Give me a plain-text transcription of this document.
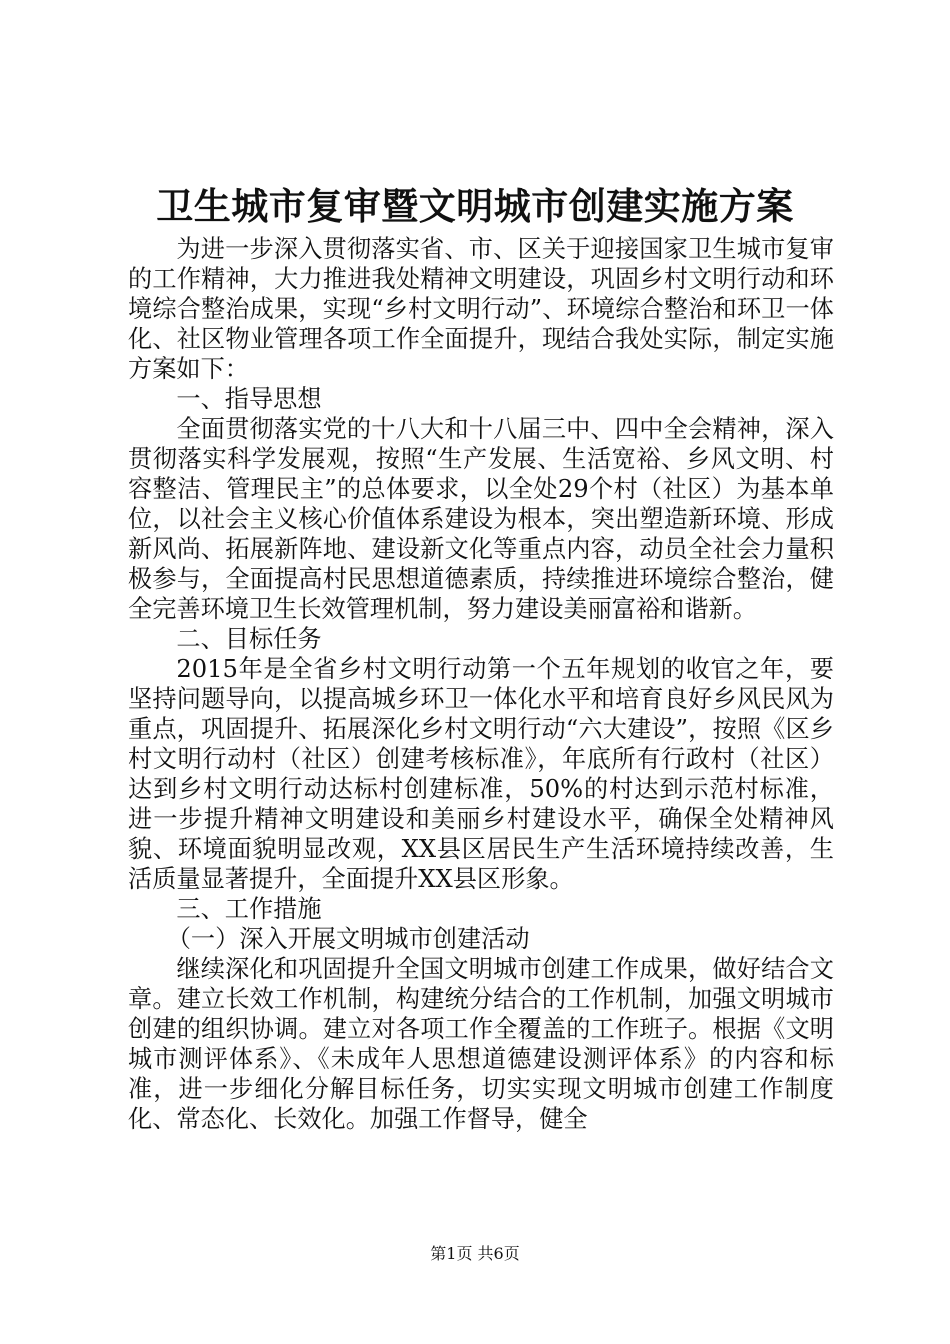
卫生城市复审暨文明城市创建实施方案

为进一步深入贯彻落实省、市、区关于迎接国家卫生城市复审的工作精神，大力推进我处精神文明建设，巩固乡村文明行动和环境综合整治成果，实现“乡村文明行动”、环境综合整治和环卫一体化、社区物业管理各项工作全面提升，现结合我处实际，制定实施方案如下：

一、指导思想

全面贯彻落实党的十八大和十八届三中、四中全会精神，深入贯彻落实科学发展观，按照“生产发展、生活宽裕、乡风文明、村容整洁、管理民主”的总体要求，以全处29个村（社区）为基本单位，以社会主义核心价值体系建设为根本，突出塑造新环境、形成新风尚、拓展新阵地、建设新文化等重点内容，动员全社会力量积极参与，全面提高村民思想道德素质，持续推进环境综合整治，健全完善环境卫生长效管理机制，努力建设美丽富裕和谐新。

二、目标任务

2015年是全省乡村文明行动第一个五年规划的收官之年，要坚持问题导向，以提高城乡环卫一体化水平和培育良好乡风民风为重点，巩固提升、拓展深化乡村文明行动“六大建设”，按照《区乡村文明行动村（社区）创建考核标准》，年底所有行政村（社区）达到乡村文明行动达标村创建标准，50%的村达到示范村标准，进一步提升精神文明建设和美丽乡村建设水平，确保全处精神风貌、环境面貌明显改观，XX县区居民生产生活环境持续改善，生活质量显著提升，全面提升XX县区形象。

三、工作措施

（一）深入开展文明城市创建活动

继续深化和巩固提升全国文明城市创建工作成果，做好结合文章。建立长效工作机制，构建统分结合的工作机制，加强文明城市创建的组织协调。建立对各项工作全覆盖的工作班子。根据《文明城市测评体系》、《未成年人思想道德建设测评体系》的内容和标准，进一步细化分解目标任务，切实实现文明城市创建工作制度化、常态化、长效化。加强工作督导，健全

第1页 共6页
